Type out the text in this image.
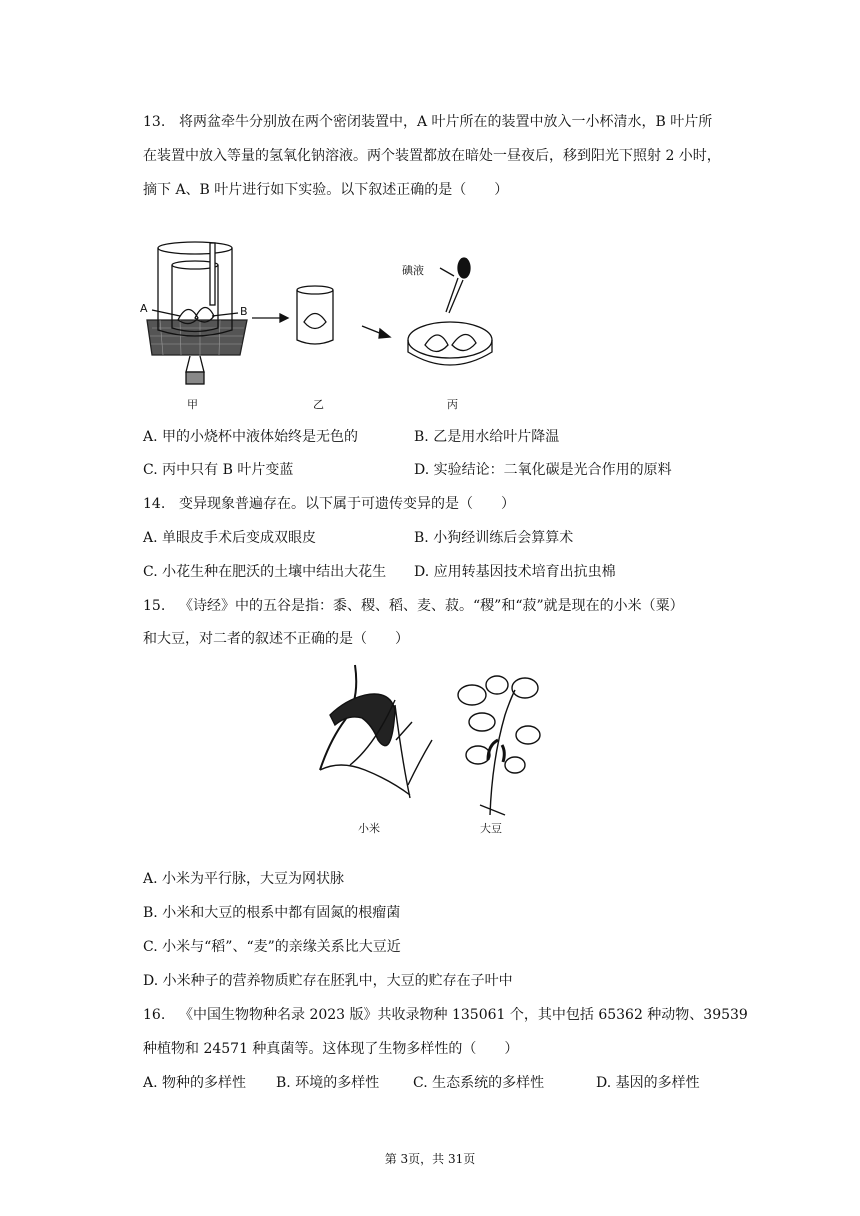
13. 将两盆牵牛分别放在两个密闭装置中，A 叶片所在的装置中放入一小杯清水，B 叶片所
在装置中放入等量的氢氧化钠溶液。两个装置都放在暗处一昼夜后，移到阳光下照射 2 小时，
摘下 A、B 叶片进行如下实验。以下叙述正确的是（　　）
A	B
碘液
甲	乙	丙
A. 甲的小烧杯中液体始终是无色的	B. 乙是用水给叶片降温
C. 丙中只有 B 叶片变蓝	D. 实验结论：二氧化碳是光合作用的原料
14. 变异现象普遍存在。以下属于可遗传变异的是（　　）
A. 单眼皮手术后变成双眼皮	B. 小狗经训练后会算算术
C. 小花生种在肥沃的土壤中结出大花生 D. 应用转基因技术培育出抗虫棉
15. 《诗经》中的五谷是指：黍、稷、稻、麦、菽。“稷”和“菽”就是现在的小米（粟）
和大豆，对二者的叙述不正确的是（　　）
小米	大豆
A. 小米为平行脉，大豆为网状脉
B. 小米和大豆的根系中都有固氮的根瘤菌
C. 小米与“稻”、“麦”的亲缘关系比大豆近
D. 小米种子的营养物质贮存在胚乳中，大豆的贮存在子叶中
16. 《中国生物物种名录 2023 版》共收录物种 135061 个，其中包括 65362 种动物、39539
种植物和 24571 种真菌等。这体现了生物多样性的（　　）
A. 物种的多样性 B. 环境的多样性 C. 生态系统的多样性	D. 基因的多样性
第 3页，共 31页
